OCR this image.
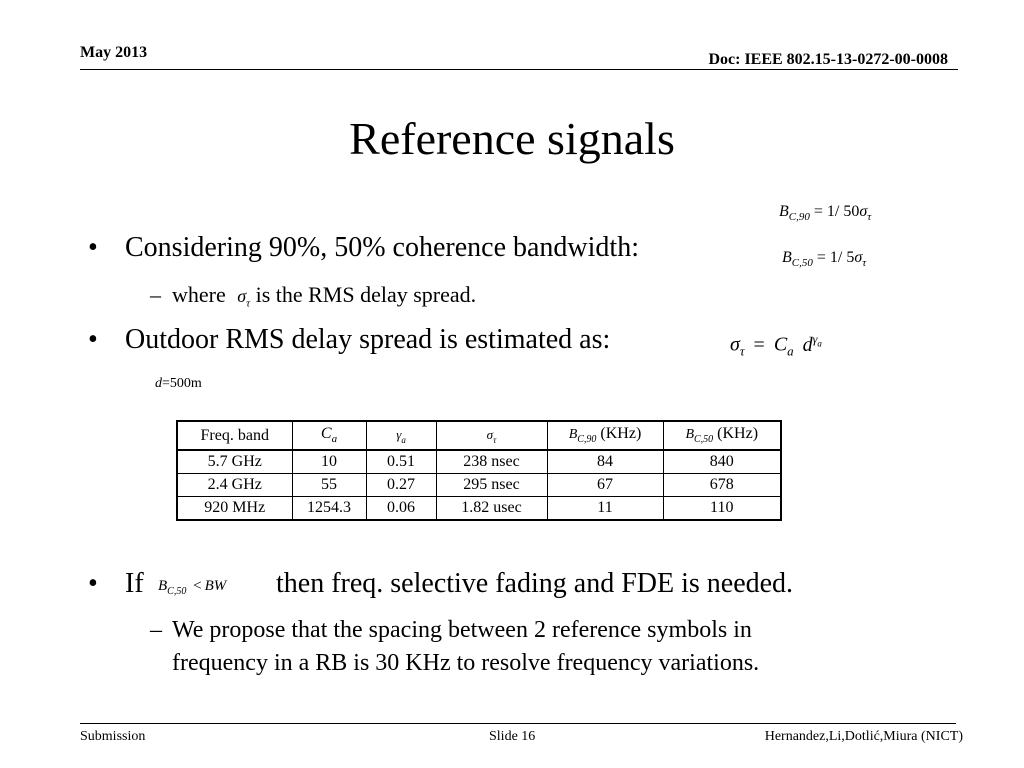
May 2013	Doc: IEEE 802.15-13-0272-00-0008
Reference signals
$B_{C,90} = 1/$ $50\sigma_\tau$
• Considering 90%, 50% coherence bandwidth:	$B_{C,50} = 1/$ $5\sigma_\tau$
– where $\sigma_\tau$ is the RMS delay spread.
• Outdoor RMS delay spread is estimated as:	$\sigma_\tau = C_a$ $d^{\gamma_a}$
d=500m
Freq. band	$C_a$	$\gamma_a$	$\sigma_\tau$	$B_{C,90}$ (KHz)	$B_{C,50}$ (KHz)
5.7 GHz	10	0.51	238 nsec	84	840
2.4 GHz	55	0.27	295 nsec	67	678
920 MHz	1254.3	0.06	1.82 usec	11	110
• If $B_{C,50}$ < BW then freq. selective fading and FDE is needed.
– We propose that the spacing between 2 reference symbols in
frequency in a RB is 30 KHz to resolve frequency variations.
Submission	Slide 16	Hernandez,Li,Dotlić,Miura (NICT)
